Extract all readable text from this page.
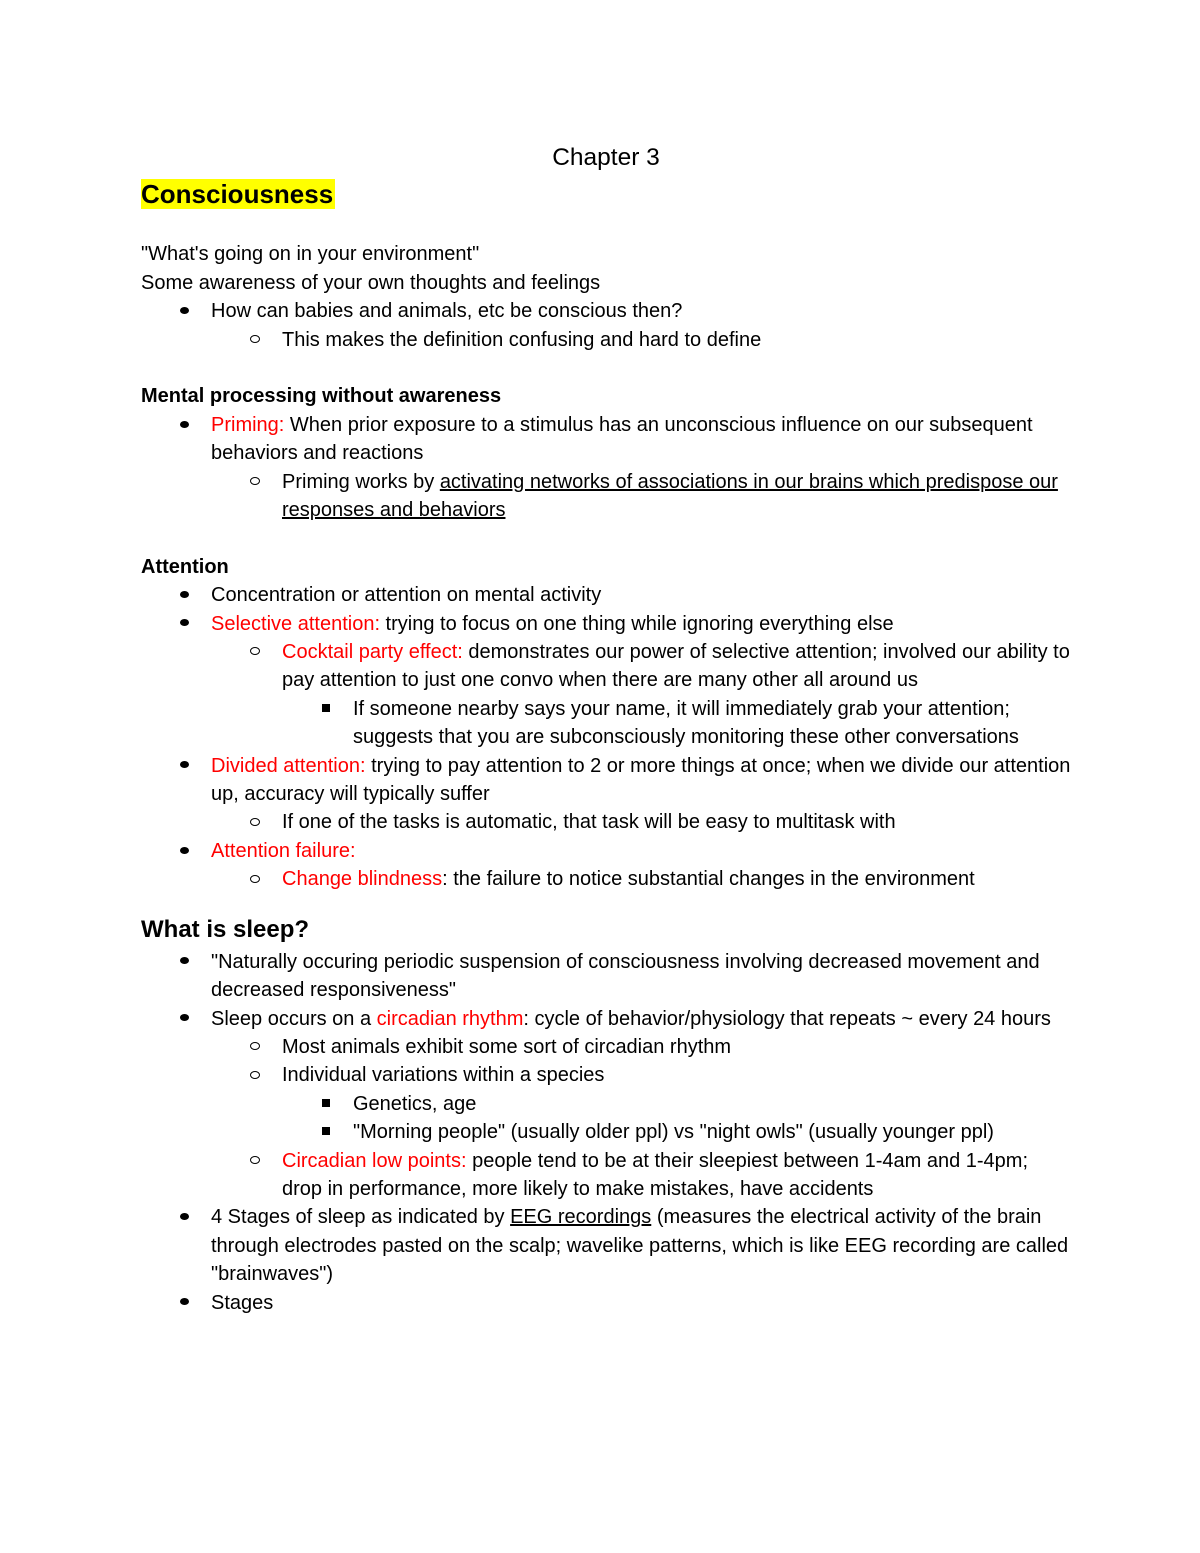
Chapter 3
Consciousness

"What's going on in your environment"

Some awareness of your own thoughts and feelings

How can babies and animals, etc be conscious then?
This makes the definition confusing and hard to define

Mental processing without awareness

Priming: When prior exposure to a stimulus has an unconscious influence on our subsequent behaviors and reactions
Priming works by activating networks of associations in our brains which predispose our responses and behaviors

Attention

Concentration or attention on mental activity
Selective attention: trying to focus on one thing while ignoring everything else
Cocktail party effect: demonstrates our power of selective attention; involved our ability to pay attention to just one convo when there are many other all around us
If someone nearby says your name, it will immediately grab your attention; suggests that you are subconsciously monitoring these other conversations
Divided attention: trying to pay attention to 2 or more things at once; when we divide our attention up, accuracy will typically suffer
If one of the tasks is automatic, that task will be easy to multitask with
Attention failure:
Change blindness: the failure to notice substantial changes in the environment

What is sleep?

"Naturally occuring periodic suspension of consciousness involving decreased movement and decreased responsiveness"
Sleep occurs on a circadian rhythm: cycle of behavior/physiology that repeats ~ every 24 hours
Most animals exhibit some sort of circadian rhythm
Individual variations within a species
Genetics, age
"Morning people" (usually older ppl) vs "night owls" (usually younger ppl)
Circadian low points: people tend to be at their sleepiest between 1-4am and 1-4pm; drop in performance, more likely to make mistakes, have accidents
4 Stages of sleep as indicated by EEG recordings (measures the electrical activity of the brain through electrodes pasted on the scalp; wavelike patterns, which is like EEG recording are called "brainwaves")
Stages
